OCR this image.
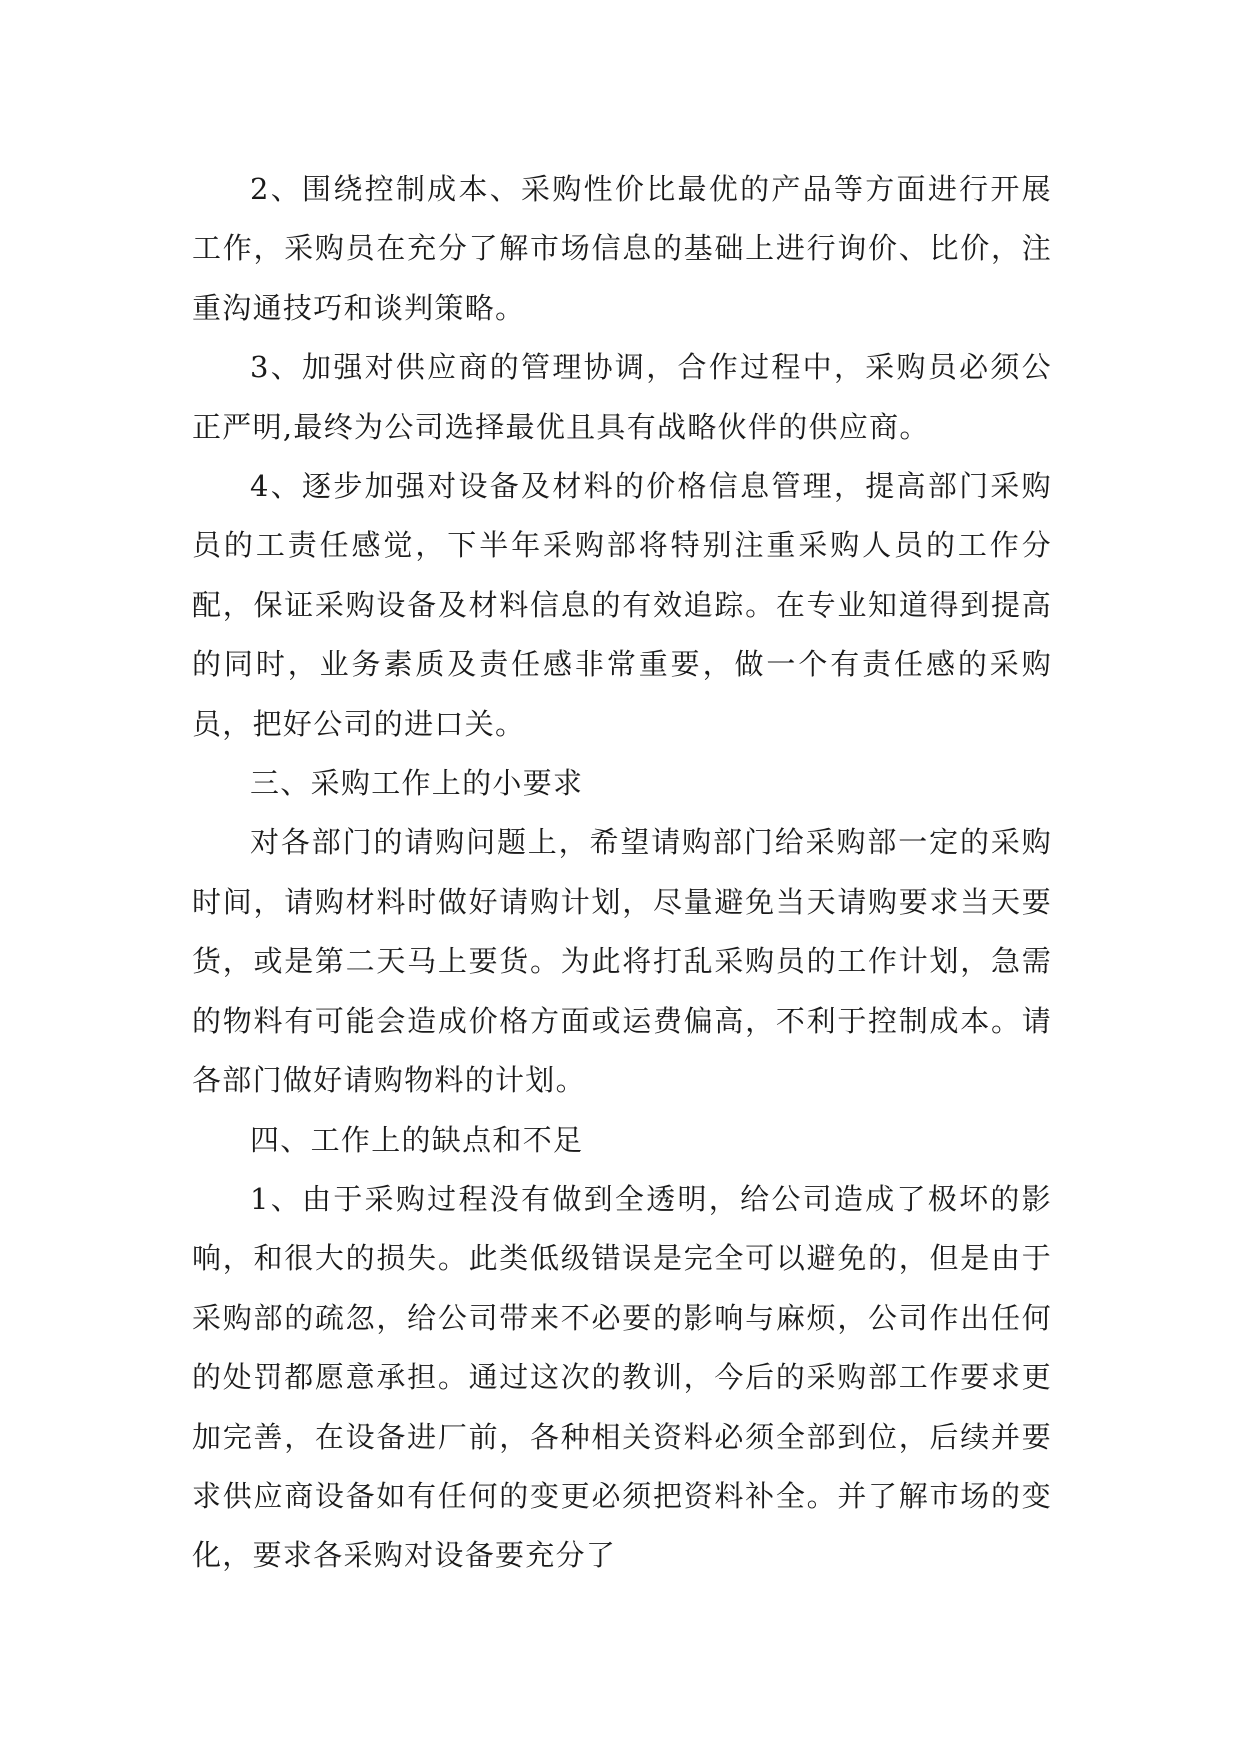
2、围绕控制成本、采购性价比最优的产品等方面进行开展工作，采购员在充分了解市场信息的基础上进行询价、比价，注重沟通技巧和谈判策略。

3、加强对供应商的管理协调，合作过程中，采购员必须公正严明,最终为公司选择最优且具有战略伙伴的供应商。

4、逐步加强对设备及材料的价格信息管理，提高部门采购员的工责任感觉，下半年采购部将特别注重采购人员的工作分配，保证采购设备及材料信息的有效追踪。在专业知道得到提高的同时，业务素质及责任感非常重要，做一个有责任感的采购员，把好公司的进口关。

三、采购工作上的小要求

对各部门的请购问题上，希望请购部门给采购部一定的采购时间，请购材料时做好请购计划，尽量避免当天请购要求当天要货，或是第二天马上要货。为此将打乱采购员的工作计划，急需的物料有可能会造成价格方面或运费偏高，不利于控制成本。请各部门做好请购物料的计划。

四、工作上的缺点和不足

1、由于采购过程没有做到全透明，给公司造成了极坏的影响，和很大的损失。此类低级错误是完全可以避免的，但是由于采购部的疏忽，给公司带来不必要的影响与麻烦，公司作出任何的处罚都愿意承担。通过这次的教训，今后的采购部工作要求更加完善，在设备进厂前，各种相关资料必须全部到位，后续并要求供应商设备如有任何的变更必须把资料补全。并了解市场的变化，要求各采购对设备要充分了
